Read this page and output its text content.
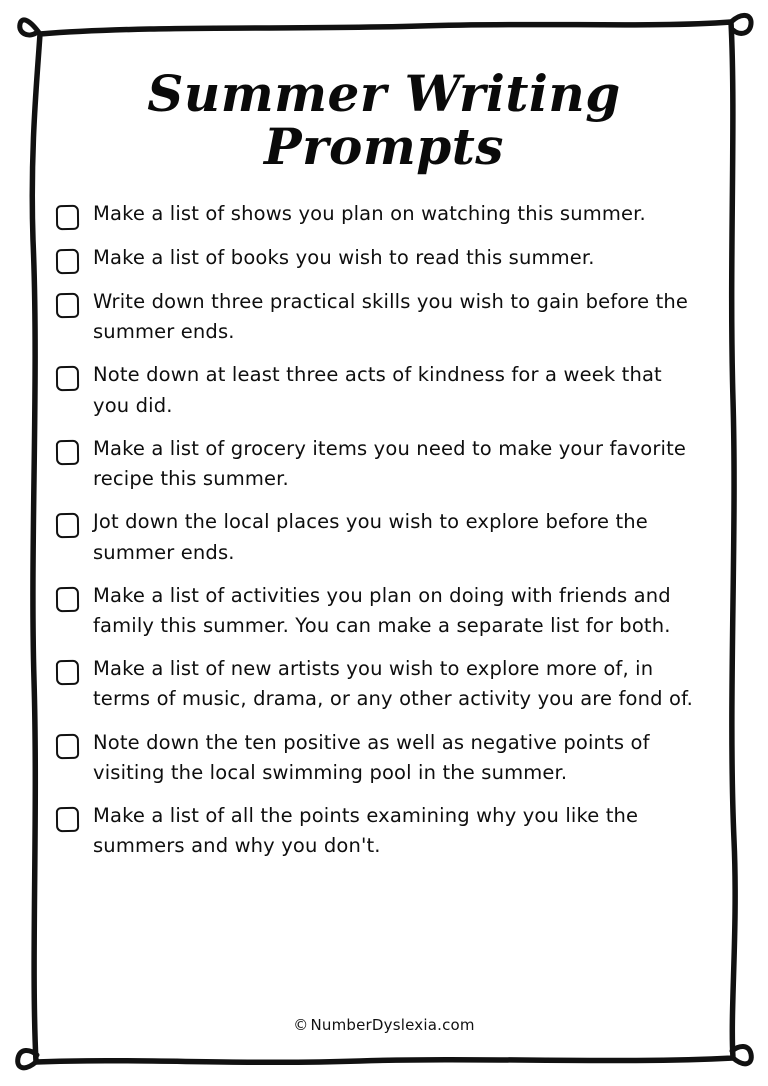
Summer Writing Prompts
Make a list of shows you plan on watching this summer.
Make a list of books you wish to read this summer.
Write down three practical skills you wish to gain before the summer ends.
Note down at least three acts of kindness for a week that you did.
Make a list of grocery items you need to make your favorite recipe this summer.
Jot down the local places you wish to explore before the summer ends.
Make a list of activities you plan on doing with friends and family this summer. You can make a separate list for both.
Make a list of new artists you wish to explore more of, in terms of music, drama, or any other activity you are fond of.
Note down the ten positive as well as negative points of visiting the local swimming pool in the summer.
Make a list of all the points examining why you like the summers and why you don't.
© NumberDyslexia.com
